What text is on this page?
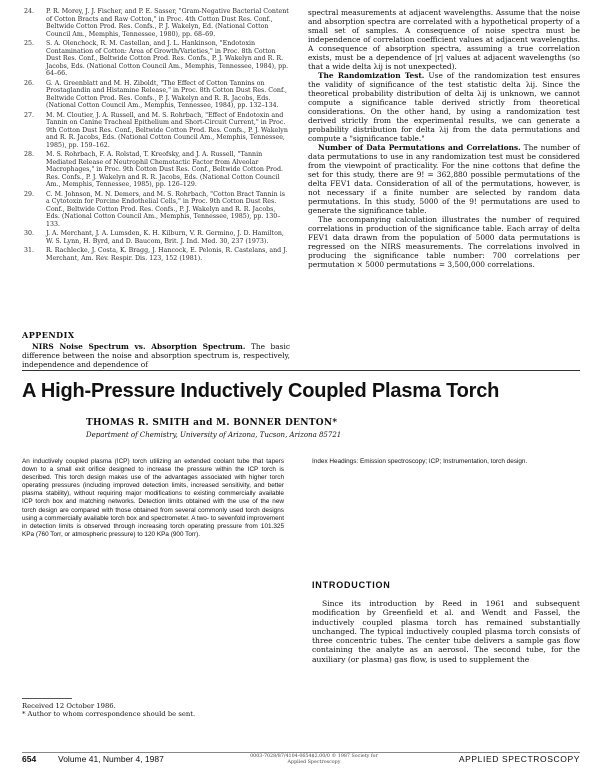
24.	P. R. Morey, J. J. Fischer, and P. E. Sasser, "Gram-Negative Bacterial Content of Cotton Bracts and Raw Cotton," in Proc. 4th Cotton Dust Res. Conf., Beltwide Cotton Prod. Res. Confs., P. J. Wakelyn, Ed. (National Cotton Council Am., Memphis, Tennessee, 1980), pp. 68–69.
25.	S. A. Olenchock, R. M. Castellan, and J. L. Hankinson, "Endotoxin Contamination of Cotton: Area of Growth/Varieties," in Proc. 8th Cotton Dust Res. Conf., Beltwide Cotton Prod. Res. Confs., P. J. Wakelyn and R. R. Jacobs, Eds. (National Cotton Council Am., Memphis, Tennessee, 1984), pp. 64–66.
26.	G. A. Greenblatt and M. H. Ziboldt, "The Effect of Cotton Tannins on Prostaglandin and Histamine Release," in Proc. 8th Cotton Dust Res. Conf., Beltwide Cotton Prod. Res. Confs., P. J. Wakelyn and R. R. Jacobs, Eds. (National Cotton Council Am., Memphis, Tennessee, 1984), pp. 132–134.
27.	M. M. Cloutier, J. A. Russell, and M. S. Rohrbach, "Effect of Endotoxin and Tannin on Canine Tracheal Epithelium and Short-Circuit Current," in Proc. 9th Cotton Dust Res. Conf., Beltwide Cotton Prod. Res. Confs., P. J. Wakelyn and R. R. Jacobs, Eds. (National Cotton Council Am., Memphis, Tennessee, 1985), pp. 159–162.
28.	M. S. Rohrbach, F. A. Rolstad, T. Kreofsky, and J. A. Russell, "Tannin Mediated Release of Neutrophil Chemotactic Factor from Alveolar Macrophages," in Proc. 9th Cotton Dust Res. Conf., Beltwide Cotton Prod. Res. Confs., P. J. Wakelyn and R. R. Jacobs, Eds. (National Cotton Council Am., Memphis, Tennessee, 1985), pp. 126–129.
29.	C. M. Johnson, M. N. Demers, and M. S. Rohrbach, "Cotton Bract Tannin is a Cytotoxin for Porcine Endothelial Cells," in Proc. 9th Cotton Dust Res. Conf., Beltwide Cotton Prod. Res. Confs., P. J. Wakelyn and R. R. Jacobs, Eds. (National Cotton Council Am., Memphis, Tennessee, 1985), pp. 130–133.
30.	J. A. Merchant, J. A. Lumsden, K. H. Kilburn, V. R. Germino, J. D. Hamilton, W. S. Lynn, H. Byrd, and D. Baucom, Brit. J. Ind. Med. 30, 237 (1973).
31.	R. Rachlecke, J. Costa, K. Bragg, J. Hancock, E. Pelonis, R. Castelans, and J. Merchant, Am. Rev. Respir. Dis. 123, 152 (1981).

spectral measurements at adjacent wavelengths. Assume that the noise and absorption spectra are correlated with a hypothetical property of a small set of samples. A consequence of noise spectra must be independence of correlation coefficient values at adjacent wavelengths. A consequence of absorption spectra, assuming a true correlation exists, must be a dependence of |r| values at adjacent wavelengths (so that a wide delta λij is not unexpected).

The Randomization Test. Use of the randomization test ensures the validity of significance of the test statistic delta λij. Since the theoretical probability distribution of delta λij is unknown, we cannot compute a significance table derived strictly from theoretical considerations. On the other hand, by using a randomization test derived strictly from the experimental results, we can generate a probability distribution for delta λij from the data permutations and compute a "significance table."

Number of Data Permutations and Correlations. The number of data permutations to use in any randomization test must be considered from the viewpoint of practicality. For the nine cottons that define the set for this study, there are 9! = 362,880 possible permutations of the delta FEV1 data. Consideration of all of the permutations, however, is not necessary if a finite number are selected by random data permutations. In this study, 5000 of the 9! permutations are used to generate the significance table.

The accompanying calculation illustrates the number of required correlations in production of the significance table. Each array of delta FEV1 data drawn from the population of 5000 data permutations is regressed on the NIRS measurements. The correlations involved in producing the significance table number: 700 correlations per permutation × 5000 permutations = 3,500,000 correlations.

APPENDIX

NIRS Noise Spectrum vs. Absorption Spectrum. The basic difference between the noise and absorption spectrum is, respectively, independence and dependence of

A High-Pressure Inductively Coupled Plasma Torch
THOMAS R. SMITH and M. BONNER DENTON*
Department of Chemistry, University of Arizona, Tucson, Arizona 85721

An inductively coupled plasma (ICP) torch utilizing an extended coolant tube that tapers down to a small exit orifice designed to increase the pressure within the ICP torch is described. This torch design makes use of the advantages associated with higher torch operating pressures (including improved detection limits, increased sensitivity, and better plasma stability), without requiring major modifications to existing commercially available ICP torch box and matching networks. Detection limits obtained with the use of the new torch design are compared with those obtained from several commonly used torch designs using a commercially available torch box and spectrometer. A two- to sevenfold improvement in detection limits is observed through increasing torch operating pressure from 101.325 KPa (760 Torr, or atmospheric pressure) to 120 KPa (900 Torr).

Index Headings: Emission spectroscopy; ICP; Instrumentation, torch design.

Received 12 October 1986.

* Author to whom correspondence should be sent.

INTRODUCTION

Since its introduction by Reed in 1961 and subsequent modification by Greenfield et al. and Wendt and Fassel, the inductively coupled plasma torch has remained substantially unchanged. The typical inductively coupled plasma torch consists of three concentric tubes. The center tube delivers a sample gas flow containing the analyte as an aerosol. The second tube, for the auxiliary (or plasma) gas flow, is used to supplement the

654	Volume 41, Number 4, 1987	0003-7028/87/4104-0654$2.00/0 © 1987 Society for Applied Spectroscopy	APPLIED SPECTROSCOPY
